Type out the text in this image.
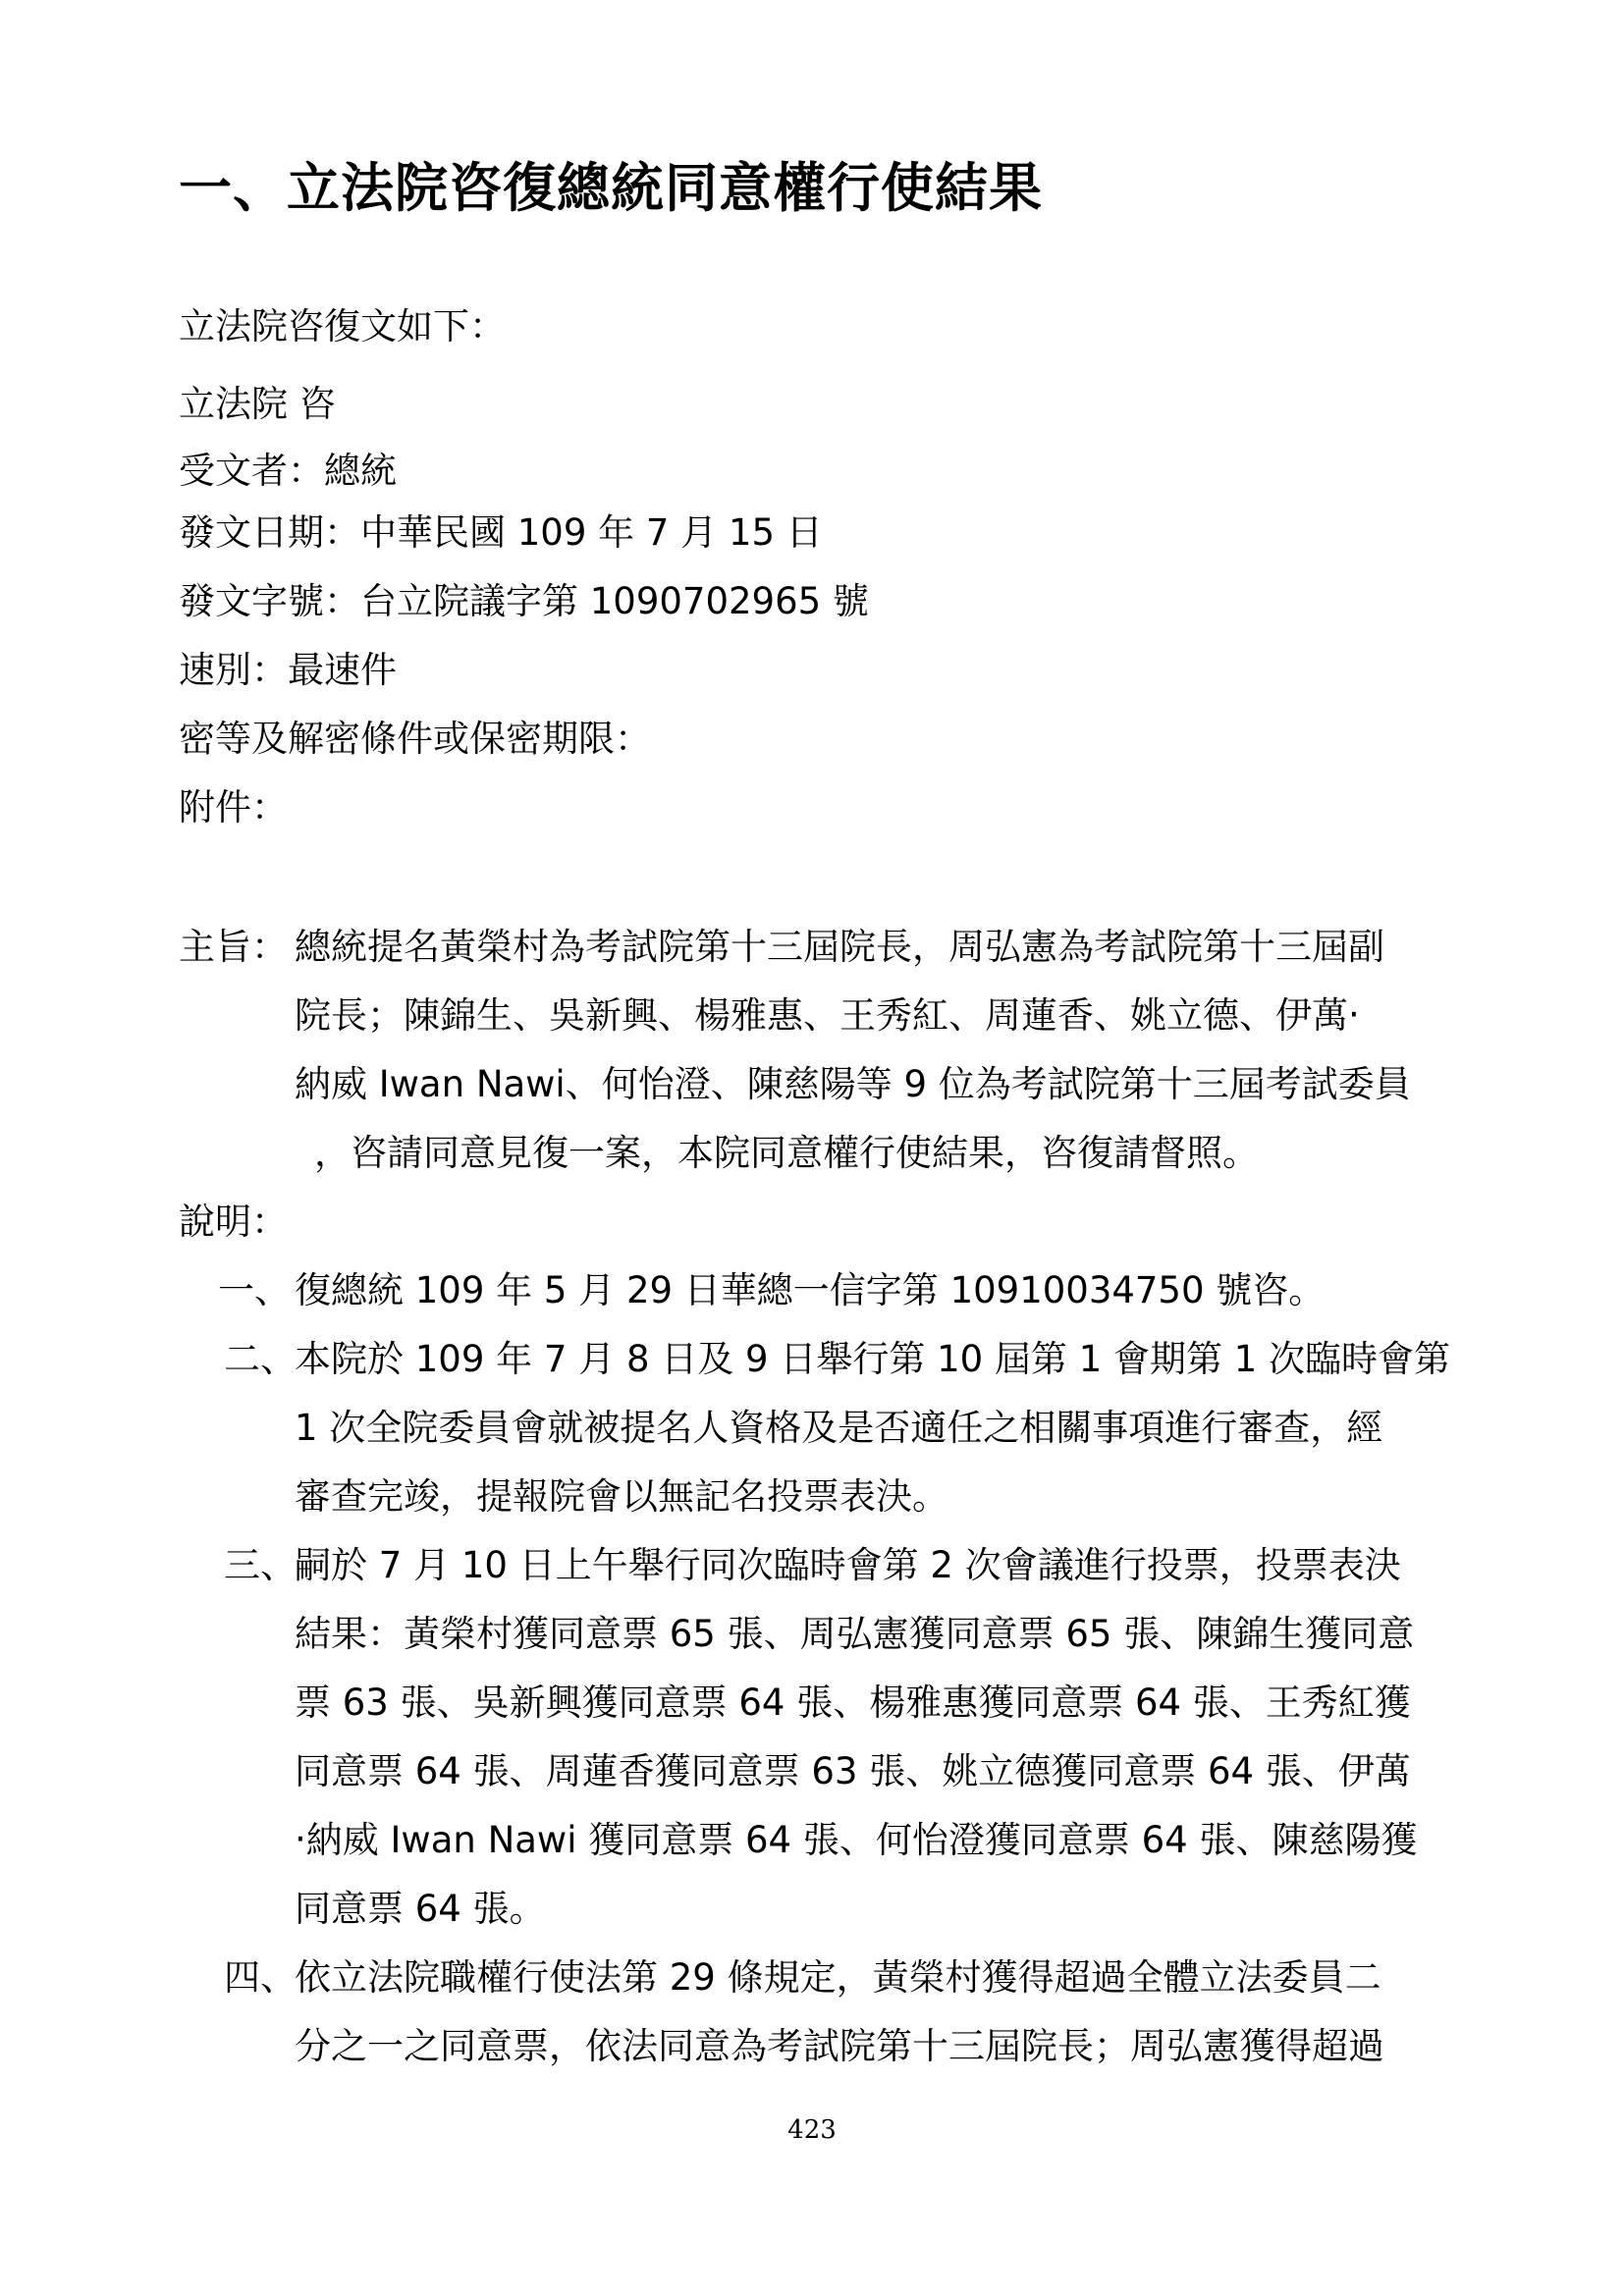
一、立法院咨復總統同意權行使結果
立法院咨復文如下：
立法院 咨
受文者：總統
發文日期：中華民國 109 年 7 月 15 日
發文字號：台立院議字第 1090702965 號
速別：最速件
密等及解密條件或保密期限：
附件：
主旨： 總統提名黃榮村為考試院第十三屆院長，周弘憲為考試院第十三屆副
院長；陳錦生、吳新興、楊雅惠、王秀紅、周蓮香、姚立德、伊萬‧
納威 Iwan Nawi、何怡澄、陳慈陽等 9 位為考試院第十三屆考試委員
，咨請同意見復一案，本院同意權行使結果，咨復請督照。
說明：
一、 復總統 109 年 5 月 29 日華總一信字第 10910034750 號咨。
二、
本院於 109 年 7 月 8 日及 9 日舉行第 10 屆第 1 會期第 1 次臨時會第
1 次全院委員會就被提名人資格及是否適任之相關事項進行審查，經
審查完竣，提報院會以無記名投票表決。
三、
嗣於 7 月 10 日上午舉行同次臨時會第 2 次會議進行投票，投票表決
結果：黃榮村獲同意票 65 張、周弘憲獲同意票 65 張、陳錦生獲同意
票 63 張、吳新興獲同意票 64 張、楊雅惠獲同意票 64 張、王秀紅獲
同意票 64 張、周蓮香獲同意票 63 張、姚立德獲同意票 64 張、伊萬
‧納威 Iwan Nawi 獲同意票 64 張、何怡澄獲同意票 64 張、陳慈陽獲
同意票 64 張。
四、
依立法院職權行使法第 29 條規定，黃榮村獲得超過全體立法委員二
分之一之同意票，依法同意為考試院第十三屆院長；周弘憲獲得超過
423
